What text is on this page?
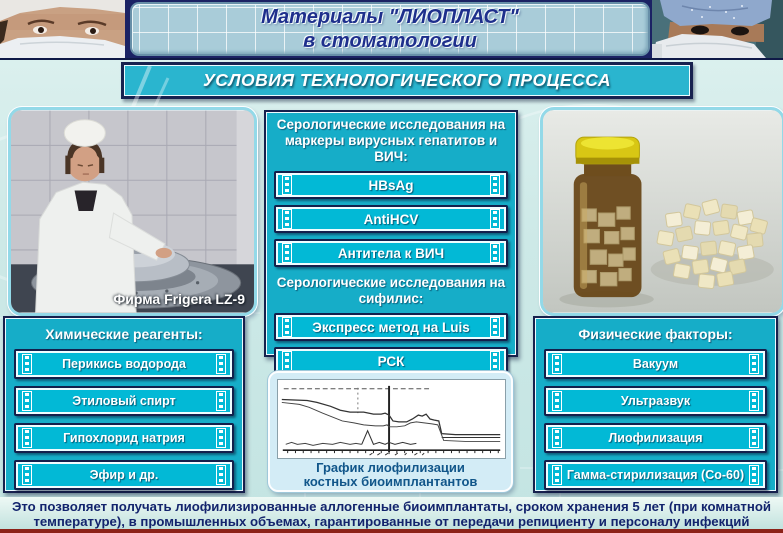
Материалы "ЛИОПЛАСТ"
в стоматологии
УСЛОВИЯ ТЕХНОЛОГИЧЕСКОГО ПРОЦЕССА
Фирма Frigera LZ-9
Серологические исследования на маркеры вирусных гепатитов и ВИЧ:
HBsAg
AntiHCV
Антитела к ВИЧ
Серологические исследования на сифилис:
Экспресс метод на Luis
РСК
Химические реагенты:
Перикись водорода
Этиловый спирт
Гипохлорид натрия
Эфир и др.	График лиофилизации
костных биоимплантантов
Физические факторы:
Вакуум
Ультразвук
Лиофилизация
Гамма-стирилизация (Co-60)
Это позволяет получать лиофилизированные аллогенные биоимплантаты, сроком хранения 5 лет (при комнатной температуре), в промышленных объемах, гарантированные от передачи репициенту и персоналу инфекций
